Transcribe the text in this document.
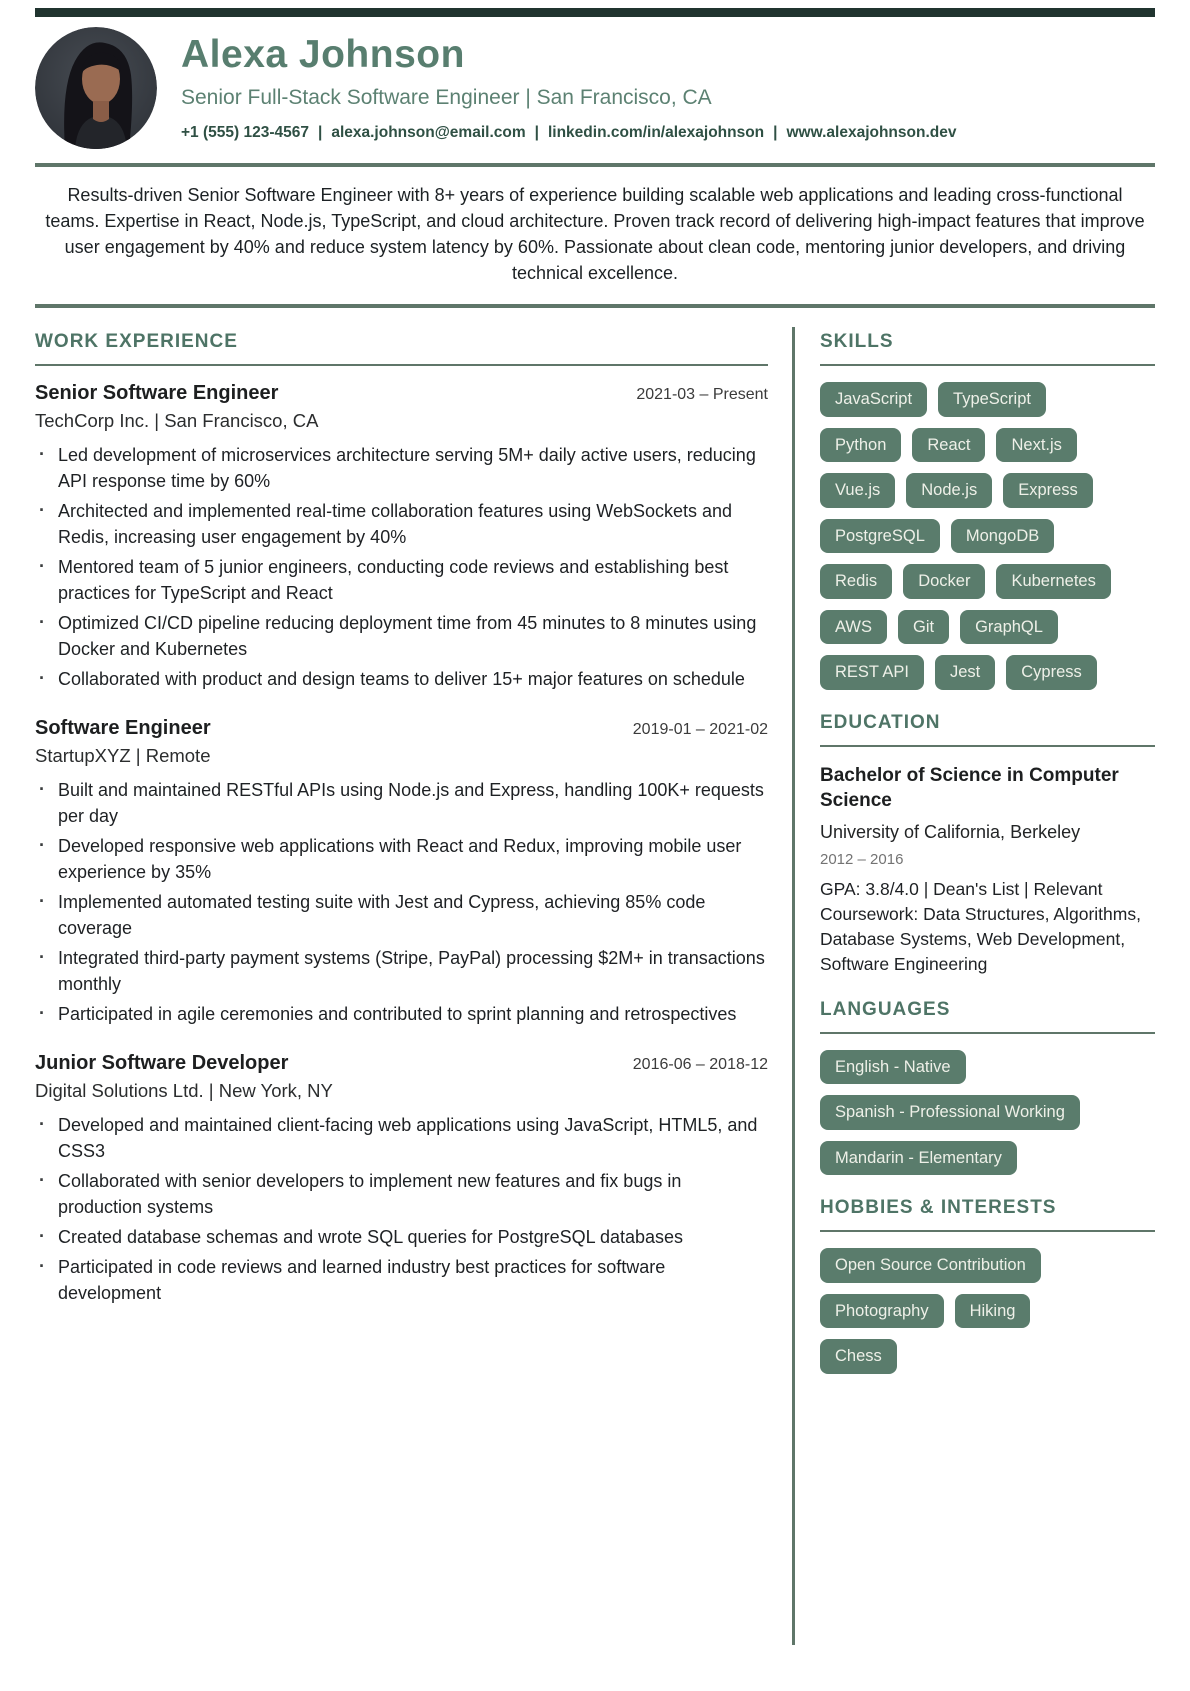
Alexa Johnson
Senior Full-Stack Software Engineer | San Francisco, CA
+1 (555) 123-4567 | alexa.johnson@email.com | linkedin.com/in/alexajohnson | www.alexajohnson.dev
Results-driven Senior Software Engineer with 8+ years of experience building scalable web applications and leading cross-functional teams. Expertise in React, Node.js, TypeScript, and cloud architecture. Proven track record of delivering high-impact features that improve user engagement by 40% and reduce system latency by 60%. Passionate about clean code, mentoring junior developers, and driving technical excellence.
WORK EXPERIENCE
Senior Software Engineer	2021-03 – Present
TechCorp Inc. | San Francisco, CA
· Led development of microservices architecture serving 5M+ daily active users, reducing API response time by 60%
· Architected and implemented real-time collaboration features using WebSockets and Redis, increasing user engagement by 40%
· Mentored team of 5 junior engineers, conducting code reviews and establishing best practices for TypeScript and React
· Optimized CI/CD pipeline reducing deployment time from 45 minutes to 8 minutes using Docker and Kubernetes
· Collaborated with product and design teams to deliver 15+ major features on schedule
Software Engineer	2019-01 – 2021-02
StartupXYZ | Remote
· Built and maintained RESTful APIs using Node.js and Express, handling 100K+ requests per day
· Developed responsive web applications with React and Redux, improving mobile user experience by 35%
· Implemented automated testing suite with Jest and Cypress, achieving 85% code coverage
· Integrated third-party payment systems (Stripe, PayPal) processing $2M+ in transactions monthly
· Participated in agile ceremonies and contributed to sprint planning and retrospectives
Junior Software Developer	2016-06 – 2018-12
Digital Solutions Ltd. | New York, NY
· Developed and maintained client-facing web applications using JavaScript, HTML5, and CSS3
· Collaborated with senior developers to implement new features and fix bugs in production systems
· Created database schemas and wrote SQL queries for PostgreSQL databases
· Participated in code reviews and learned industry best practices for software development
SKILLS
JavaScript	TypeScript
Python	React	Next.js
Vue.js	Node.js	Express
PostgreSQL	MongoDB
Redis	Docker	Kubernetes
AWS	Git	GraphQL
REST API	Jest	Cypress
EDUCATION
Bachelor of Science in Computer Science
University of California, Berkeley
2012 – 2016
GPA: 3.8/4.0 | Dean's List | Relevant Coursework: Data Structures, Algorithms, Database Systems, Web Development, Software Engineering
LANGUAGES
English - Native
Spanish - Professional Working
Mandarin - Elementary
HOBBIES & INTERESTS
Open Source Contribution
Photography	Hiking
Chess
